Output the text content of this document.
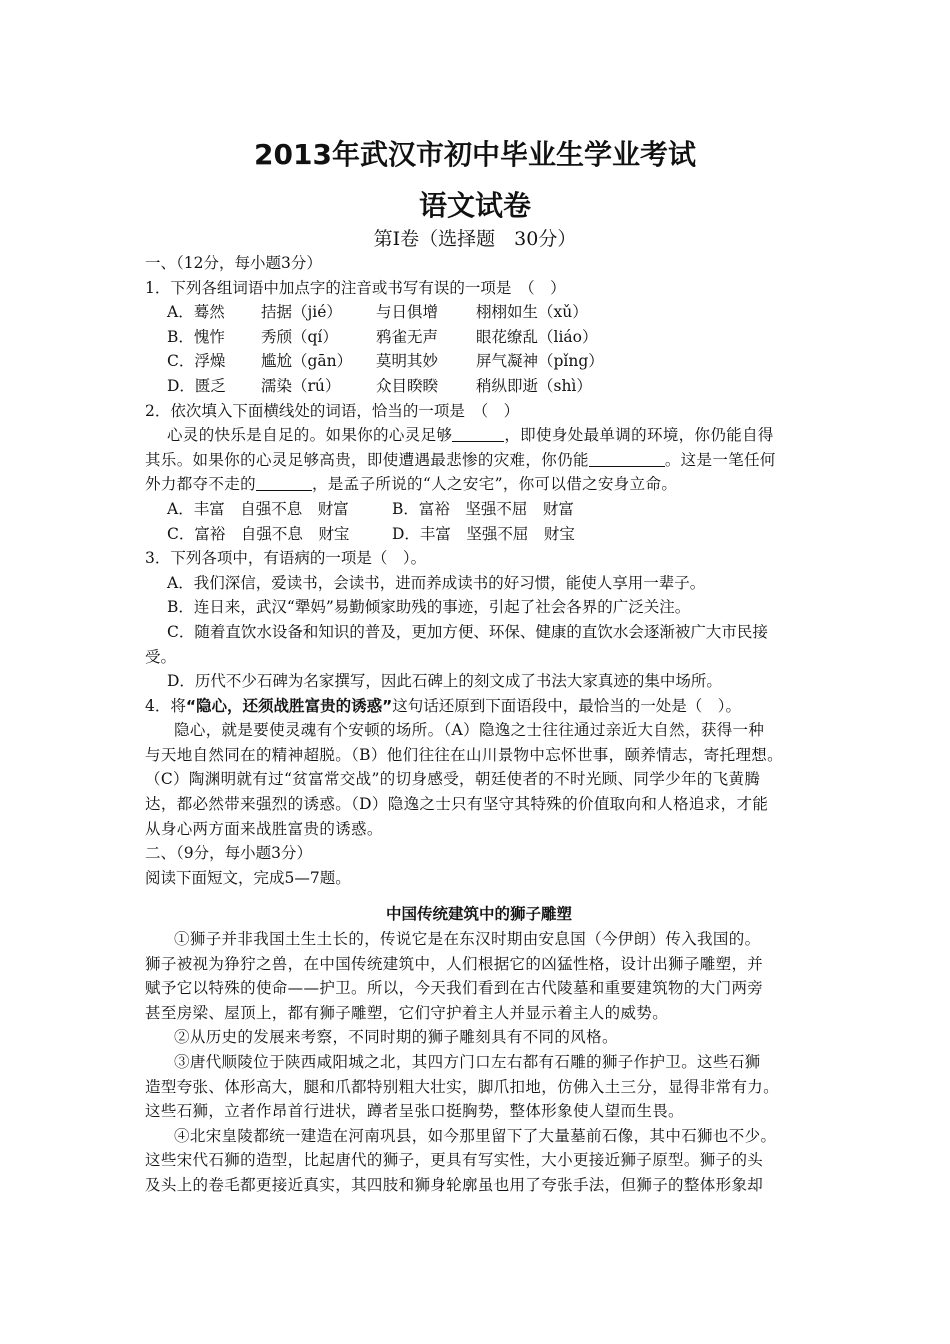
2013年武汉市初中毕业生学业考试
语文试卷
第Ⅰ卷（选择题　30分）
一、（12分，每小题3分）
1．下列各组词语中加点字的注音或书写有误的一项是　（　）
A．蓦然 拮据（jié） 与日俱增 栩栩如生（xǔ）
B．愧怍 秀颀（qí） 鸦雀无声 眼花缭乱（liáo）
C．浮燥 尴尬（gān） 莫明其妙 屏气凝神（pǐng）
D．匮乏 濡染（rú） 众目睽睽 稍纵即逝（shì）
2．依次填入下面横线处的词语，恰当的一项是　（　）
心灵的快乐是自足的。如果你的心灵足够	，即使身处最单调的环境，你仍能自得
其乐。如果你的心灵足够高贵，即使遭遇最悲惨的灾难，你仍能	。这是一笔任何
外力都夺不走的	，是孟子所说的“人之安宅”，你可以借之安身立命。
A．丰富　自强不息　财富	B．富裕　坚强不屈　财富
C．富裕　自强不息　财宝	D．丰富　坚强不屈　财宝
3．下列各项中，有语病的一项是（　）。
A．我们深信，爱读书，会读书，进而养成读书的好习惯，能使人享用一辈子。
B．连日来，武汉“犟妈”易勤倾家助残的事迹，引起了社会各界的广泛关注。
C．随着直饮水设备和知识的普及，更加方便、环保、健康的直饮水会逐渐被广大市民接
受。
D．历代不少石碑为名家撰写，因此石碑上的刻文成了书法大家真迹的集中场所。
4．将“隐心，还须战胜富贵的诱惑”这句话还原到下面语段中，最恰当的一处是（　）。
隐心，就是要使灵魂有个安顿的场所。（A）隐逸之士往往通过亲近大自然，获得一种
与天地自然同在的精神超脱。（B）他们往往在山川景物中忘怀世事，颐养情志，寄托理想。
（C）陶渊明就有过“贫富常交战”的切身感受，朝廷使者的不时光顾、同学少年的飞黄腾
达，都必然带来强烈的诱惑。（D）隐逸之士只有坚守其特殊的价值取向和人格追求，才能
从身心两方面来战胜富贵的诱惑。
二、（9分，每小题3分）
阅读下面短文，完成5—7题。
中国传统建筑中的狮子雕塑
①狮子并非我国土生土长的，传说它是在东汉时期由安息国（今伊朗）传入我国的。
狮子被视为狰狞之兽，在中国传统建筑中，人们根据它的凶猛性格，设计出狮子雕塑，并
赋予它以特殊的使命——护卫。所以，今天我们看到在古代陵墓和重要建筑物的大门两旁
甚至房梁、屋顶上，都有狮子雕塑，它们守护着主人并显示着主人的威势。
②从历史的发展来考察，不同时期的狮子雕刻具有不同的风格。
③唐代顺陵位于陕西咸阳城之北，其四方门口左右都有石雕的狮子作护卫。这些石狮
造型夸张、体形高大，腿和爪都特别粗大壮实，脚爪扣地，仿佛入土三分，显得非常有力。
这些石狮，立者作昂首行进状，蹲者呈张口挺胸势，整体形象使人望而生畏。
④北宋皇陵都统一建造在河南巩县，如今那里留下了大量墓前石像，其中石狮也不少。
这些宋代石狮的造型，比起唐代的狮子，更具有写实性，大小更接近狮子原型。狮子的头
及头上的卷毛都更接近真实，其四肢和狮身轮廓虽也用了夸张手法，但狮子的整体形象却
